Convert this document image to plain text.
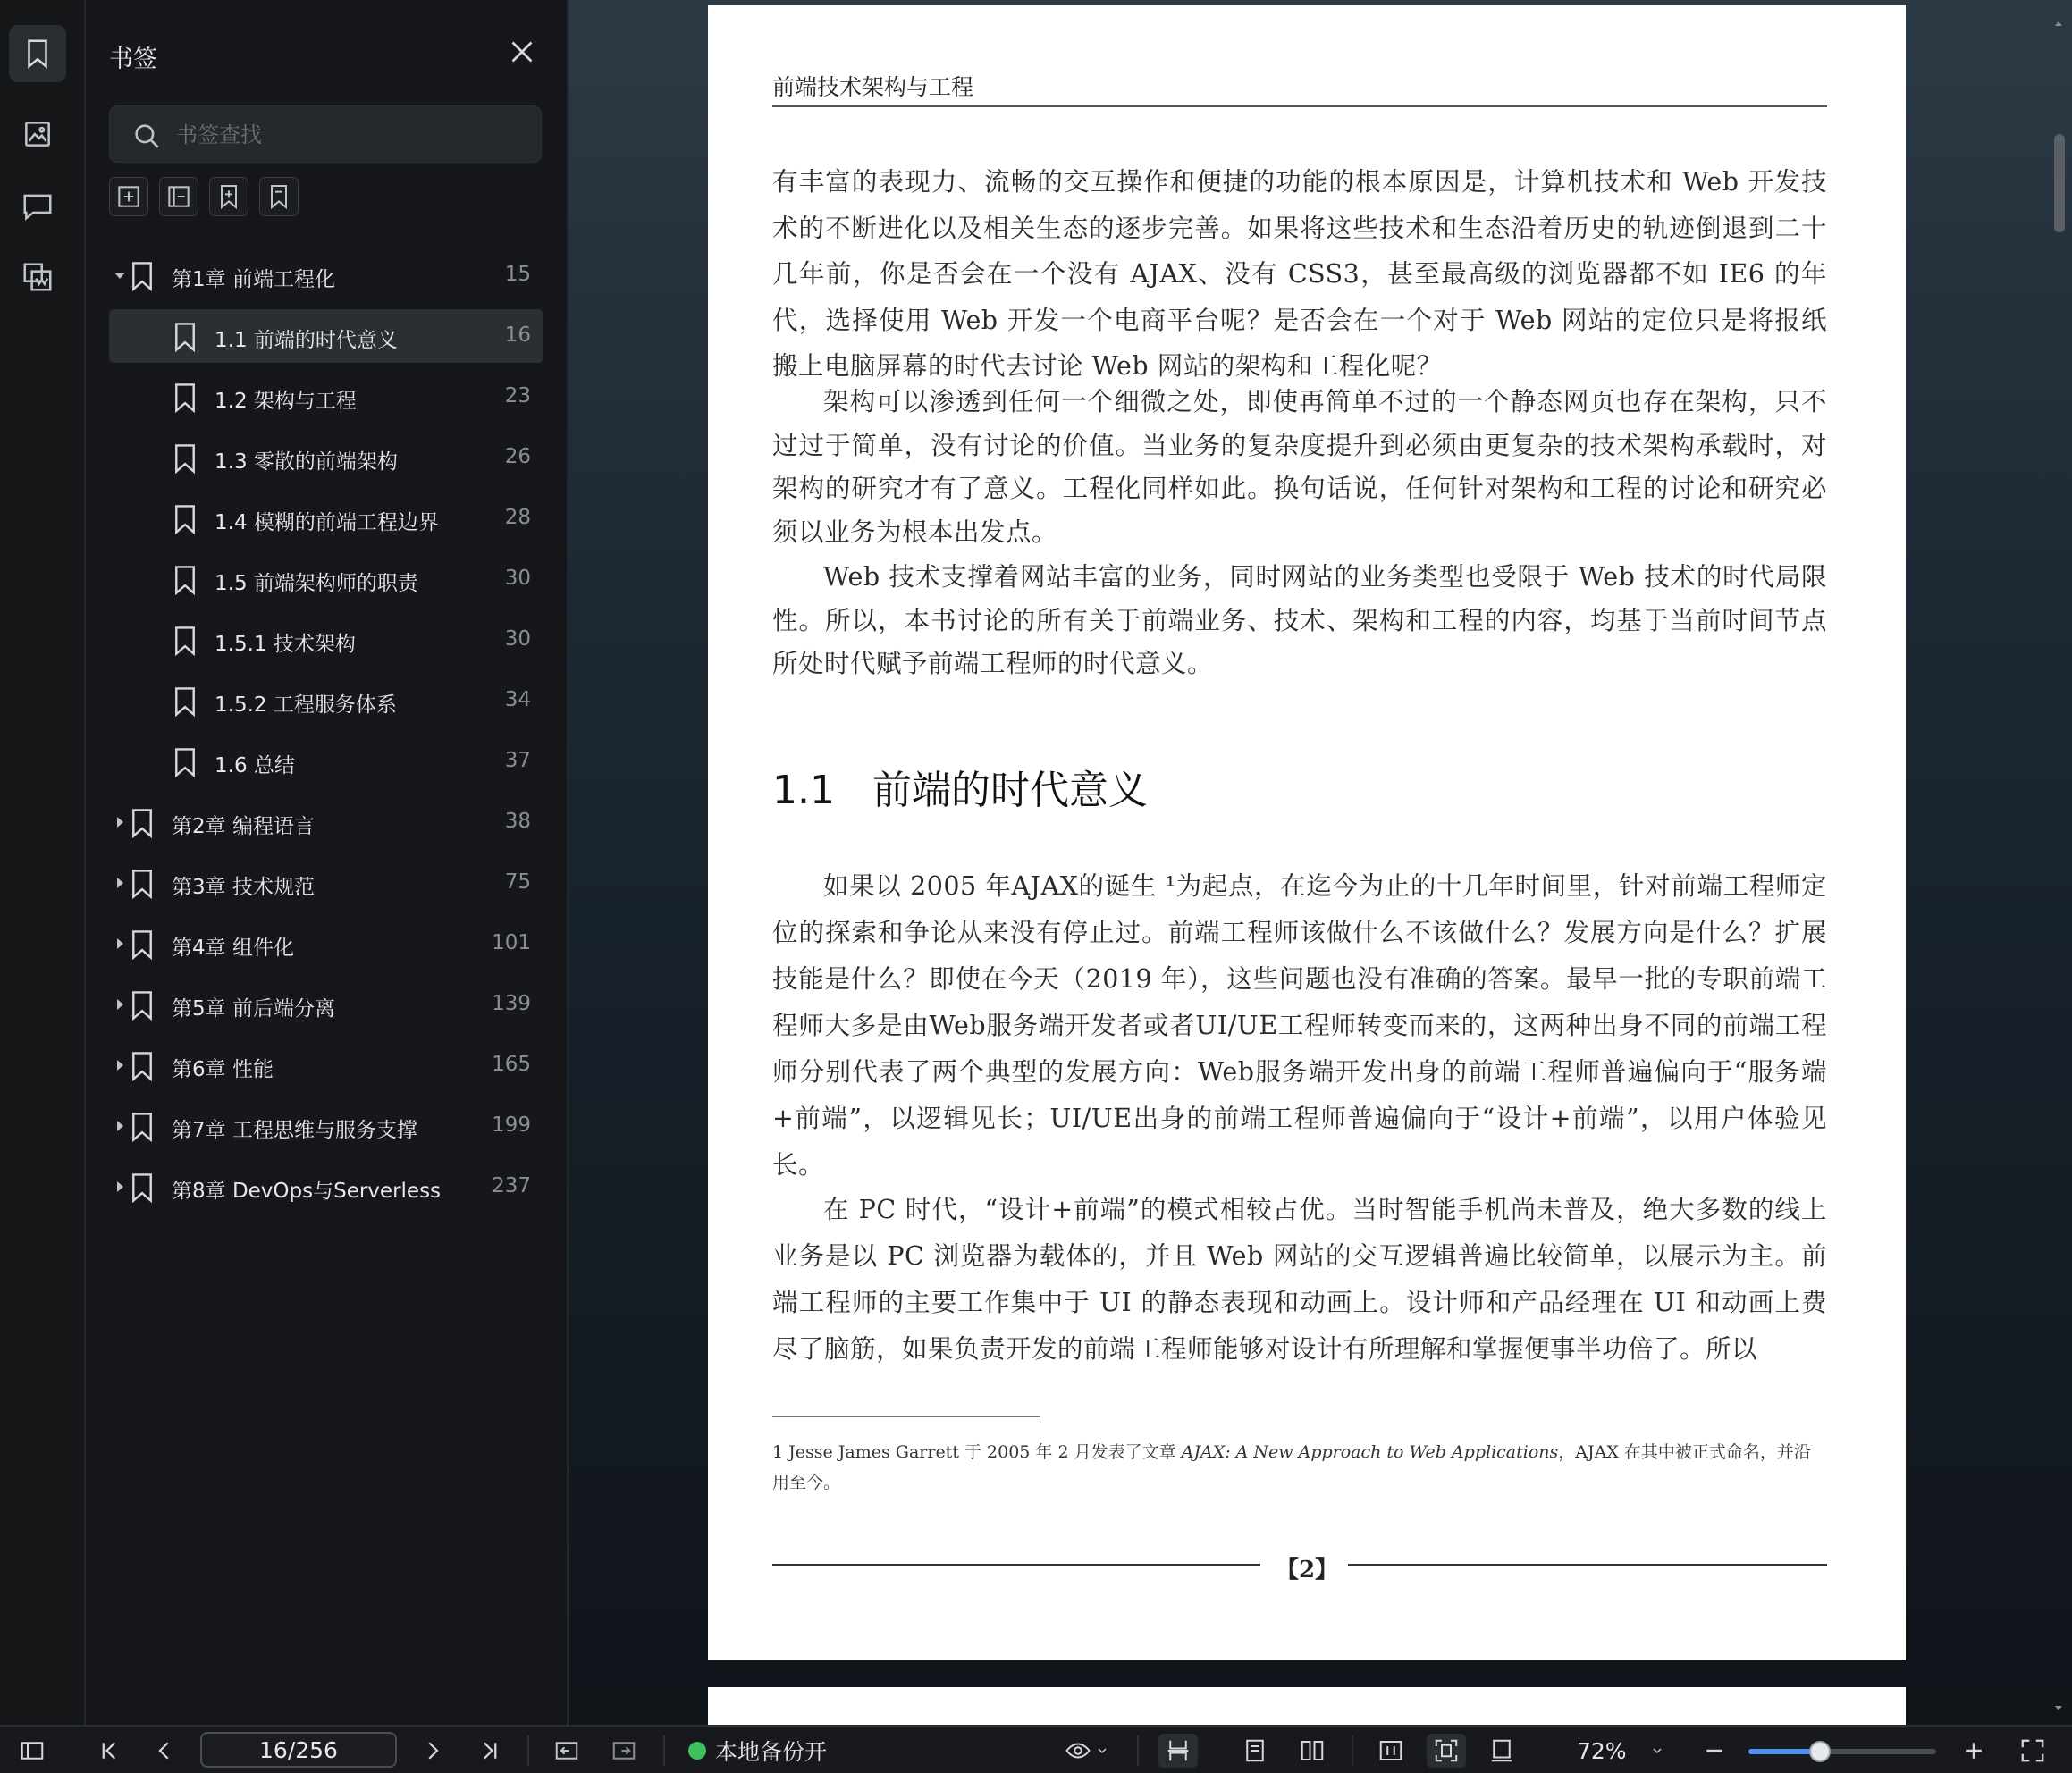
书签
书签查找
第1章 前端工程化	15
1.1 前端的时代意义	16
1.2 架构与工程	23
1.3 零散的前端架构	26
1.4 模糊的前端工程边界	28
1.5 前端架构师的职责	30
1.5.1 技术架构	30
1.5.2 工程服务体系	34
1.6 总结	37
第2章 编程语言	38
第3章 技术规范	75
第4章 组件化	101
第5章 前后端分离	139
第6章 性能	165
第7章 工程思维与服务支撑	199
第8章 DevOps与Serverless 237
前端技术架构与工程
有丰富的表现力、流畅的交互操作和便捷的功能的根本原因是，计算机技术和 Web 开发技术的不断进化以及相关生态的逐步完善。如果将这些技术和生态沿着历史的轨迹倒退到二十几年前，你是否会在一个没有 AJAX、没有 CSS3，甚至最高级的浏览器都不如 IE6 的年代，选择使用 Web 开发一个电商平台呢？是否会在一个对于 Web 网站的定位只是将报纸搬上电脑屏幕的时代去讨论 Web 网站的架构和工程化呢？
架构可以渗透到任何一个细微之处，即使再简单不过的一个静态网页也存在架构，只不过过于简单，没有讨论的价值。当业务的复杂度提升到必须由更复杂的技术架构承载时，对架构的研究才有了意义。工程化同样如此。换句话说，任何针对架构和工程的讨论和研究必须以业务为根本出发点。
Web 技术支撑着网站丰富的业务，同时网站的业务类型也受限于 Web 技术的时代局限性。所以，本书讨论的所有关于前端业务、技术、架构和工程的内容，均基于当前时间节点所处时代赋予前端工程师的时代意义。
1.1 前端的时代意义
如果以 2005 年AJAX的诞生 ¹为起点，在迄今为止的十几年时间里，针对前端工程师定位的探索和争论从来没有停止过。前端工程师该做什么不该做什么？发展方向是什么？扩展技能是什么？即使在今天（2019 年），这些问题也没有准确的答案。最早一批的专职前端工程师大多是由Web服务端开发者或者UI/UE工程师转变而来的，这两种出身不同的前端工程师分别代表了两个典型的发展方向：Web服务端开发出身的前端工程师普遍偏向于“服务端+前端”，以逻辑见长；UI/UE出身的前端工程师普遍偏向于“设计+前端”，以用户体验见长。
在 PC 时代，“设计+前端”的模式相较占优。当时智能手机尚未普及，绝大多数的线上业务是以 PC 浏览器为载体的，并且 Web 网站的交互逻辑普遍比较简单，以展示为主。前端工程师的主要工作集中于 UI 的静态表现和动画上。设计师和产品经理在 UI 和动画上费尽了脑筋，如果负责开发的前端工程师能够对设计有所理解和掌握便事半功倍了。所以
1 Jesse James Garrett 于 2005 年 2 月发表了文章 AJAX: A New Approach to Web Applications，AJAX 在其中被正式命名，并沿用至今。
【2】
16/256
本地备份开	72%
